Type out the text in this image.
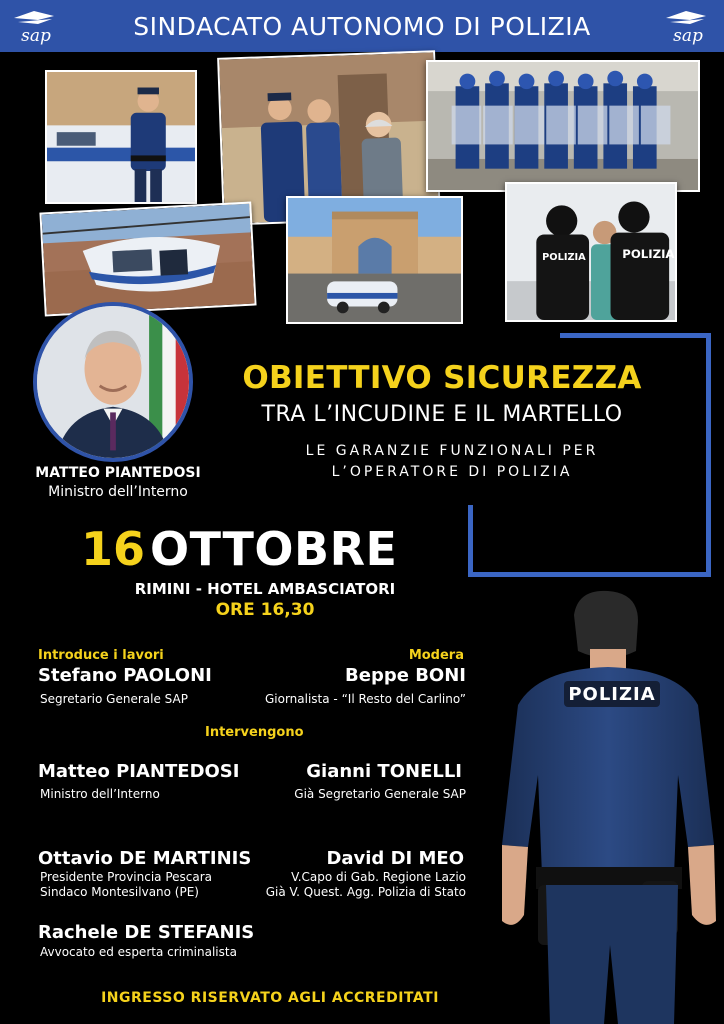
sap	SINDACATO AUTONOMO DI POLIZIA	sap
POLIZIA	POLIZIA
MATTEO PIANTEDOSI
Ministro dell’Interno
OBIETTIVO SICUREZZA
TRA L’INCUDINE E IL MARTELLO
LE GARANZIE FUNZIONALI PER
L’OPERATORE DI POLIZIA
16 OTTOBRE
RIMINI - HOTEL AMBASCIATORI
ORE 16,30
Introduce i lavori
Stefano PAOLONI
Segretario Generale SAP
Modera
Beppe BONI
Giornalista - “Il Resto del Carlino”
Intervengono
Matteo PIANTEDOSI
Ministro dell’Interno
Gianni TONELLI
Già Segretario Generale SAP
Ottavio DE MARTINIS
Presidente Provincia Pescara
Sindaco Montesilvano (PE)
David DI MEO
V.Capo di Gab. Regione Lazio
Già V. Quest. Agg. Polizia di Stato
Rachele DE STEFANIS
Avvocato ed esperta criminalista
POLIZIA
INGRESSO RISERVATO AGLI ACCREDITATI
